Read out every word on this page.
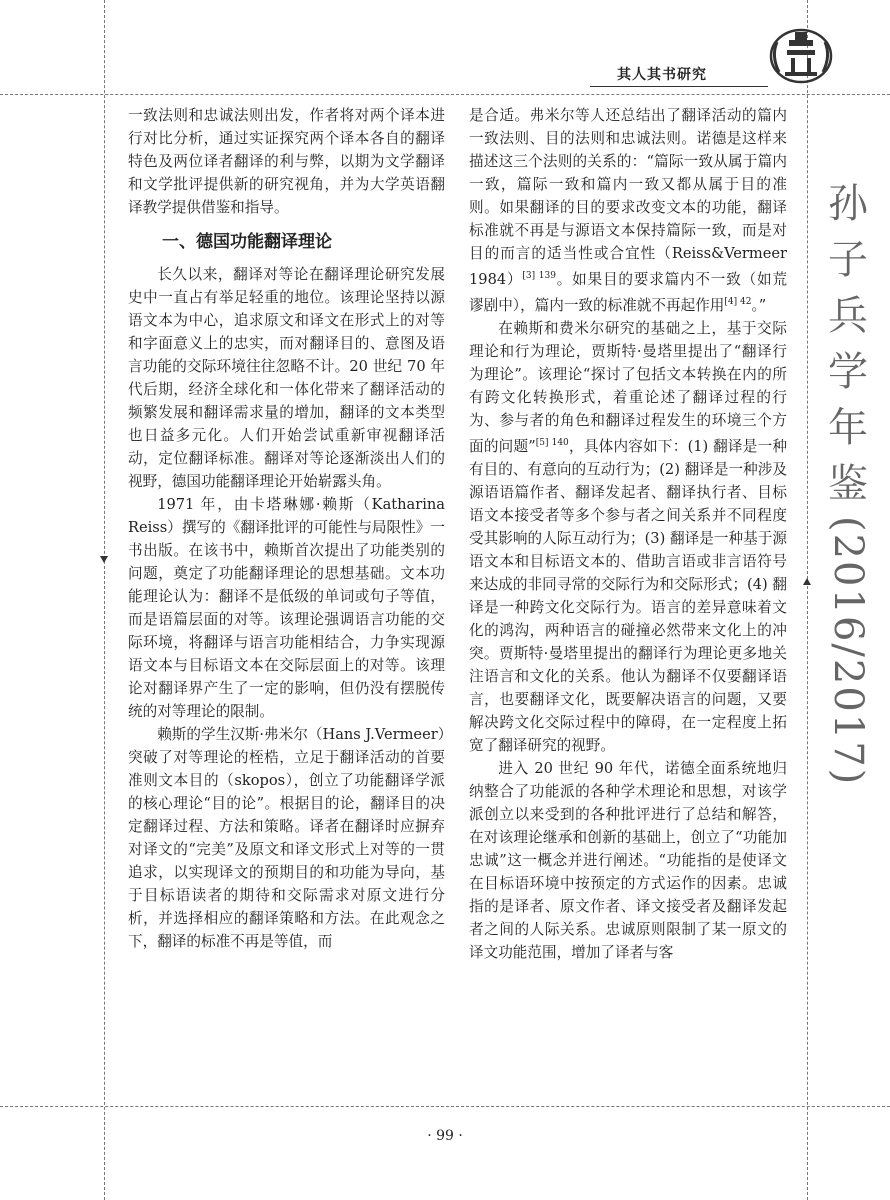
其人其书研究
孙
子
兵
学
年
鉴
(2016/2017)

一致法则和忠诚法则出发，作者将对两个译本进行对比分析，通过实证探究两个译本各自的翻译特色及两位译者翻译的利与弊，以期为文学翻译和文学批评提供新的研究视角，并为大学英语翻译教学提供借鉴和指导。

一、德国功能翻译理论

长久以来，翻译对等论在翻译理论研究发展史中一直占有举足轻重的地位。该理论坚持以源语文本为中心，追求原文和译文在形式上的对等和字面意义上的忠实，而对翻译目的、意图及语言功能的交际环境往往忽略不计。20 世纪 70 年代后期，经济全球化和一体化带来了翻译活动的频繁发展和翻译需求量的增加，翻译的文本类型也日益多元化。人们开始尝试重新审视翻译活动，定位翻译标准。翻译对等论逐渐淡出人们的视野，德国功能翻译理论开始崭露头角。

1971 年，由卡塔琳娜·赖斯（Katharina Reiss）撰写的《翻译批评的可能性与局限性》一书出版。在该书中，赖斯首次提出了功能类别的问题，奠定了功能翻译理论的思想基础。文本功能理论认为：翻译不是低级的单词或句子等值，而是语篇层面的对等。该理论强调语言功能的交际环境，将翻译与语言功能相结合，力争实现源语文本与目标语文本在交际层面上的对等。该理论对翻译界产生了一定的影响，但仍没有摆脱传统的对等理论的限制。

赖斯的学生汉斯·弗米尔（Hans J.Vermeer）突破了对等理论的桎梏，立足于翻译活动的首要准则文本目的（skopos），创立了功能翻译学派的核心理论“目的论”。根据目的论，翻译目的决定翻译过程、方法和策略。译者在翻译时应摒弃对译文的“完美”及原文和译文形式上对等的一贯追求，以实现译文的预期目的和功能为导向，基于目标语读者的期待和交际需求对原文进行分析，并选择相应的翻译策略和方法。在此观念之下，翻译的标准不再是等值，而

是合适。弗米尔等人还总结出了翻译活动的篇内一致法则、目的法则和忠诚法则。诺德是这样来描述这三个法则的关系的：“篇际一致从属于篇内一致，篇际一致和篇内一致又都从属于目的准则。如果翻译的目的要求改变文本的功能，翻译标准就不再是与源语文本保持篇际一致，而是对目的而言的适当性或合宜性（Reiss&Vermeer 1984）$^{[3] 139}$。如果目的要求篇内不一致（如荒谬剧中），篇内一致的标准就不再起作用$^{[4] 42}$。”

在赖斯和费米尔研究的基础之上，基于交际理论和行为理论，贾斯特·曼塔里提出了“翻译行为理论”。该理论“探讨了包括文本转换在内的所有跨文化转换形式，着重论述了翻译过程的行为、参与者的角色和翻译过程发生的环境三个方面的问题”$^{[5] 140}$，具体内容如下：(1) 翻译是一种有目的、有意向的互动行为；(2) 翻译是一种涉及源语语篇作者、翻译发起者、翻译执行者、目标语文本接受者等多个参与者之间关系并不同程度受其影响的人际互动行为；(3) 翻译是一种基于源语文本和目标语文本的、借助言语或非言语符号来达成的非同寻常的交际行为和交际形式；(4) 翻译是一种跨文化交际行为。语言的差异意味着文化的鸿沟，两种语言的碰撞必然带来文化上的冲突。贾斯特·曼塔里提出的翻译行为理论更多地关注语言和文化的关系。他认为翻译不仅要翻译语言，也要翻译文化，既要解决语言的问题，又要解决跨文化交际过程中的障碍，在一定程度上拓宽了翻译研究的视野。

进入 20 世纪 90 年代，诺德全面系统地归纳整合了功能派的各种学术理论和思想，对该学派创立以来受到的各种批评进行了总结和解答，在对该理论继承和创新的基础上，创立了“功能加忠诚”这一概念并进行阐述。“功能指的是使译文在目标语环境中按预定的方式运作的因素。忠诚指的是译者、原文作者、译文接受者及翻译发起者之间的人际关系。忠诚原则限制了某一原文的译文功能范围，增加了译者与客

· 99 ·
